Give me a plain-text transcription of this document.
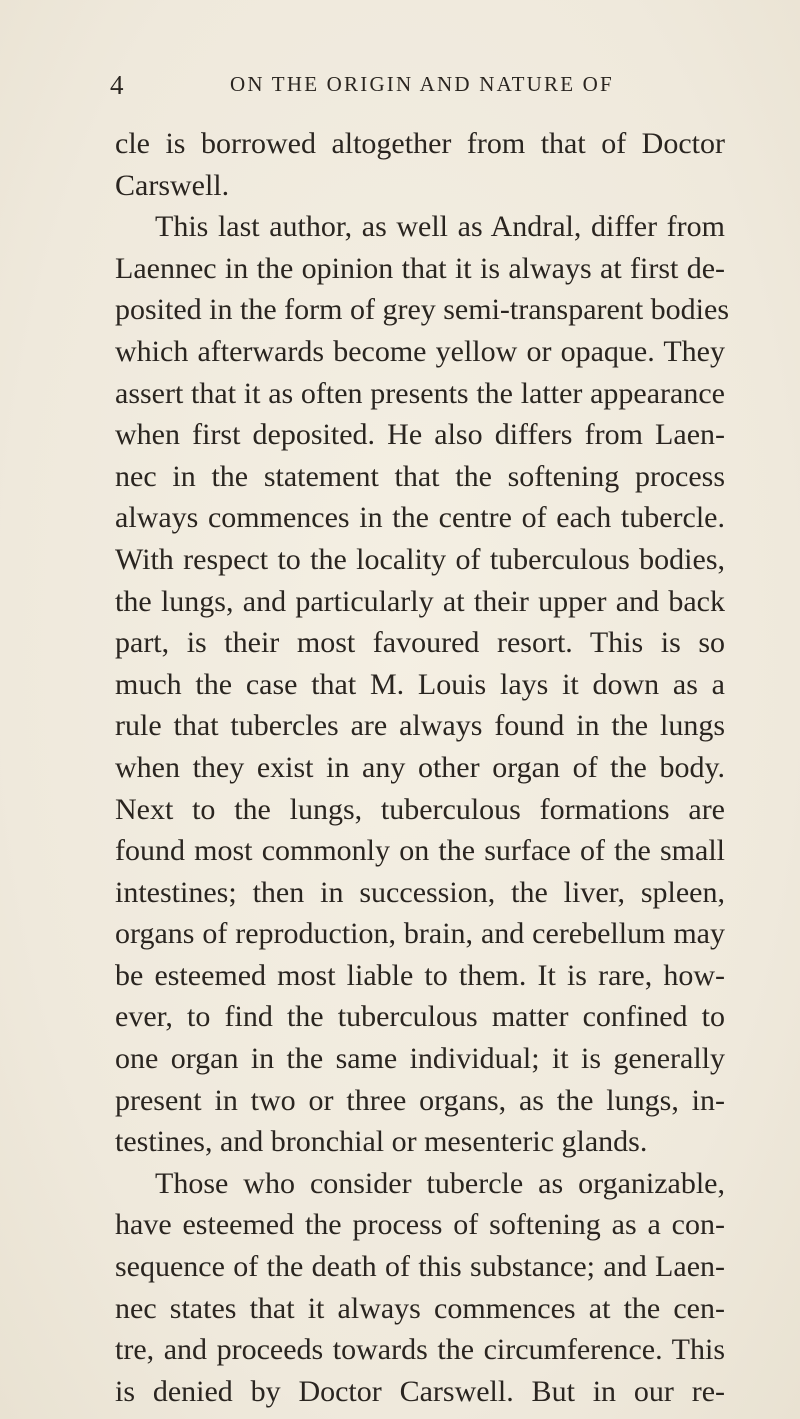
4	ON THE ORIGIN AND NATURE OF
cle is borrowed altogether from that of Doctor
Carswell.
This last author, as well as Andral, differ from
Laennec in the opinion that it is always at first de-
posited in the form of grey semi-transparent bodies
which afterwards become yellow or opaque. They
assert that it as often presents the latter appearance
when first deposited. He also differs from Laen-
nec in the statement that the softening process
always commences in the centre of each tubercle.
With respect to the locality of tuberculous bodies,
the lungs, and particularly at their upper and back
part, is their most favoured resort. This is so
much the case that M. Louis lays it down as a
rule that tubercles are always found in the lungs
when they exist in any other organ of the body.
Next to the lungs, tuberculous formations are
found most commonly on the surface of the small
intestines; then in succession, the liver, spleen,
organs of reproduction, brain, and cerebellum may
be esteemed most liable to them. It is rare, how-
ever, to find the tuberculous matter confined to
one organ in the same individual; it is generally
present in two or three organs, as the lungs, in-
testines, and bronchial or mesenteric glands.
Those who consider tubercle as organizable,
have esteemed the process of softening as a con-
sequence of the death of this substance; and Laen-
nec states that it always commences at the cen-
tre, and proceeds towards the circumference. This
is denied by Doctor Carswell. But in our re-
